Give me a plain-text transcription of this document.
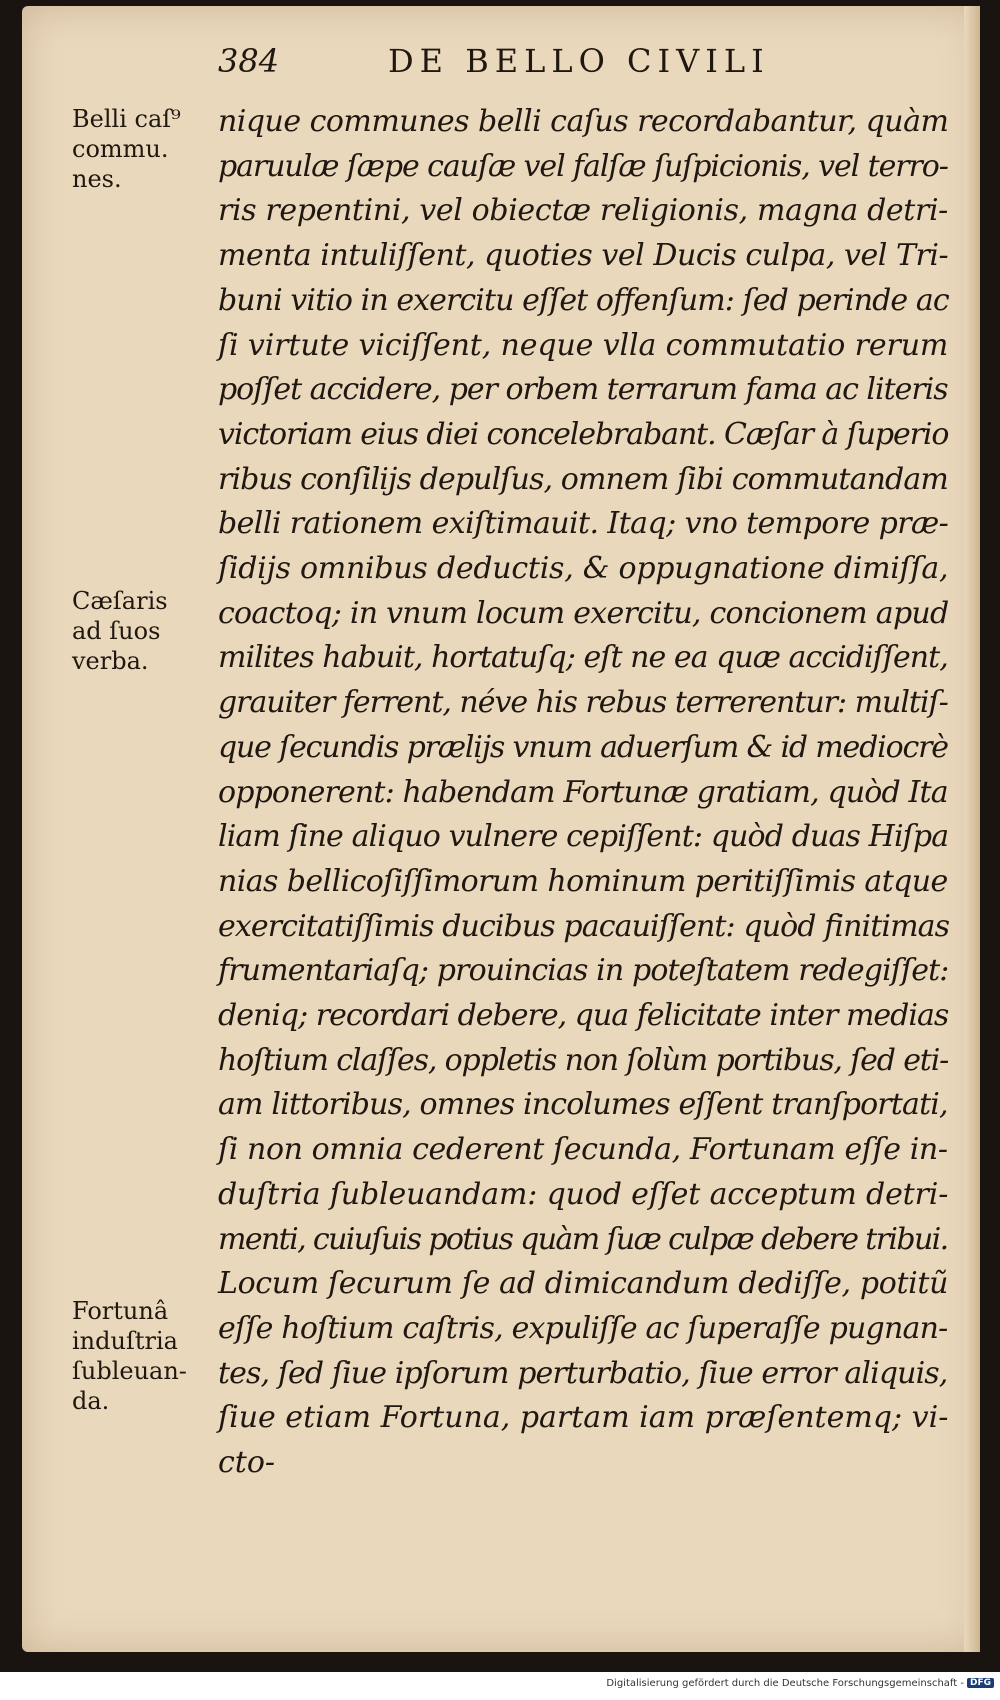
384	DE BELLO CIVILI
Belli caſ⁹
commu.
nes.
Cæſaris
ad ſuos
verba.
Fortunâ
induſtria
ſubleuan-
da.
nique communes belli caſus recordabantur, quàm
paruulæ ſæpe cauſæ vel falſæ ſuſpicionis, vel terro-
ris repentini, vel obiectæ religionis, magna detri-
menta intuliſſent, quoties vel Ducis culpa, vel Tri-
buni vitio in exercitu eſſet offenſum: ſed perinde ac
ſi virtute viciſſent, neque vlla commutatio rerum
poſſet accidere, per orbem terrarum fama ac literis
victoriam eius diei concelebrabant. Cæſar à ſuperio
ribus conſilijs depulſus, omnem ſibi commutandam
belli rationem exiſtimauit. Itaq; vno tempore præ-
ſidijs omnibus deductis, & oppugnatione dimiſſa,
coactoq; in vnum locum exercitu, concionem apud
milites habuit, hortatuſq; eſt ne ea quæ accidiſſent,
grauiter ferrent, néve his rebus terrerentur: multiſ-
que ſecundis prælijs vnum aduerſum & id mediocrè
opponerent: habendam Fortunæ gratiam, quòd Ita
liam ſine aliquo vulnere cepiſſent: quòd duas Hiſpa
nias bellicoſiſſimorum hominum peritiſſimis atque
exercitatiſſimis ducibus pacauiſſent: quòd finitimas
frumentariaſq; prouincias in poteſtatem redegiſſet:
deniq; recordari debere, qua felicitate inter medias
hoſtium claſſes, oppletis non ſolùm portibus, ſed eti-
am littoribus, omnes incolumes eſſent tranſportati,
ſi non omnia cederent ſecunda, Fortunam eſſe in-
duſtria ſubleuandam: quod eſſet acceptum detri-
menti, cuiuſuis potius quàm ſuæ culpæ debere tribui.
Locum ſecurum ſe ad dimicandum dediſſe, potitũ
eſſe hoſtium caſtris, expuliſſe ac ſuperaſſe pugnan-
tes, ſed ſiue ipſorum perturbatio, ſiue error aliquis,
ſiue etiam Fortuna, partam iam præſentemq; vi-
cto-
Digitalisierung gefördert durch die Deutsche Forschungsgemeinschaft - DFG
